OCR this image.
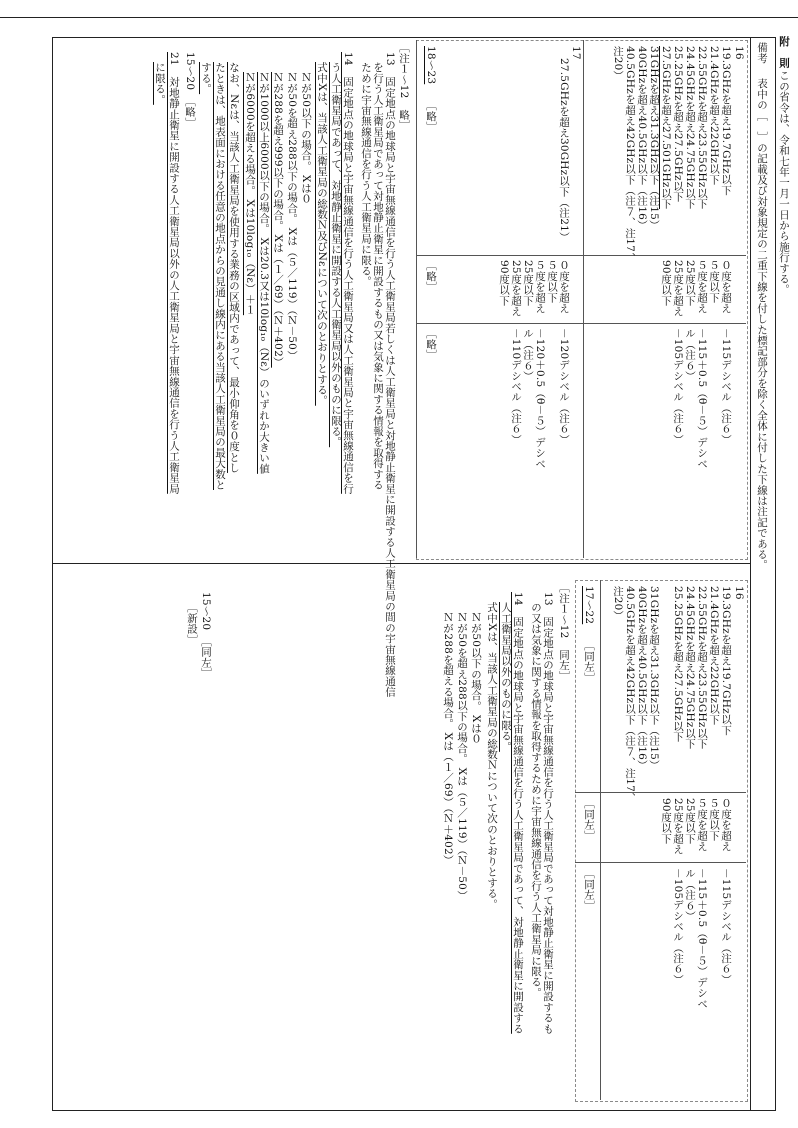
附　則
この省令は、令和七年一月一日から施行する。
備考
表中の［　］の記載及び対象規定の二重下線を付した標記部分を除く全体に付した下線は注記である。
16
19.3GHzを超え19.7GHz以下
21.4GHzを超え22GHz以下
22.55GHzを超え23.55GHz以下
24.45GHzを超え24.75GHz以下
25.25GHzを超え27.5GHz以下
27.5GHzを超え27.501GHz以下
31GHzを超え31.3GHz以下（注15）
40GHzを超え40.5GHz以下（注16）
40.5GHzを超え42GHz以下（注７、注17、
注20）
０度を超え
５度以下
５度を超え
25度以下
25度を超え
90度以下
－115デシベル（注６）
－115＋0.5（θ－５）デシベ
ル（注６）
－105デシベル（注６）
17
27.5GHzを超え30GHz以下（注21）
０度を超え
５度以下
５度を超え
25度以下
25度を超え
90度以下
－120デシベル（注６）
－120＋0.5（θ－５）デシベ
ル（注６）
－110デシベル（注６）
18～23
［略］
［略］
［略］
［注１～12　略］
13　固定地点の地球局と宇宙無線通信を行う人工衛星局若しくは人工衛星局と対地静止衛星に開設する人工衛星局の間の宇宙無線通信
を行う人工衛星局であって対地静止衛星に開設するもの又は気象に関する情報を取得する
ために宇宙無線通信を行う人工衛星局に限る。
14　固定地点の地球局と宇宙無線通信を行う人工衛星局又は人工衛星局と宇宙無線通信を行
う人工衛星局であって、対地静止衛星に開設する人工衛星局以外のものに限る。
式中Xは、当該人工衛星局の総数Ｎ及びNεについて次のとおりとする。
Ｎが50以下の場合。 Xは０
Ｎが50を超え288以下の場合。 Xは（５／119）（Ｎ－50）
Ｎが288を超え999以下の場合。 Xは（１／69）（Ｎ＋402）
Ｎが1000以上6000以下の場合。 Xは20.3又は10log₁₀（Nε）のいずれか大きい値
Ｎが6000を超える場合。 Xは10log₁₀（Nε）＋１
なお、Nεは、当該人工衛星局を使用する業務の区域内であって、最小仰角を０度とし
たときは、地表面における任意の地点からの見通し線内にある当該人工衛星局の最大数と
する。
15～20　［略］
21　対地静止衛星に開設する人工衛星局以外の人工衛星局と宇宙無線通信を行う人工衛星局
に限る。
16
19.3GHzを超え19.7GHz以下
21.4GHzを超え22GHz以下
22.55GHzを超え23.55GHz以下
24.45GHzを超え24.75GHz以下
25.25GHzを超え27.5GHz以下
31GHzを超え31.3GHz以下（注15）
40GHzを超え40.5GHz以下（注16）
40.5GHzを超え42GHz以下（注７、注17、
注20）
０度を超え
５度以下
５度を超え
25度以下
25度を超え
90度以下
－115デシベル（注６）
－115＋0.5（θ－５）デシベ
ル（注６）
－105デシベル（注６）
17～22
［同左］
［同左］
［同左］
［注１～12　同左］
13　固定地点の地球局と宇宙無線通信を行う人工衛星局であって対地静止衛星に開設するも
の又は気象に関する情報を取得するために宇宙無線通信を行う人工衛星局に限る。
14　固定地点の地球局と宇宙無線通信を行う人工衛星局であって、対地静止衛星に開設する
人工衛星局以外のものに限る。
式中Xは、当該人工衛星局の総数Ｎについて次のとおりとする。
Ｎが50以下の場合。 Xは０
Ｎが50を超え288以下の場合。 Xは（５／119）（Ｎ－50）
Ｎが288を超える場合。 Xは（１／69）（Ｎ＋402）
15～20　［同左］
［新設］
